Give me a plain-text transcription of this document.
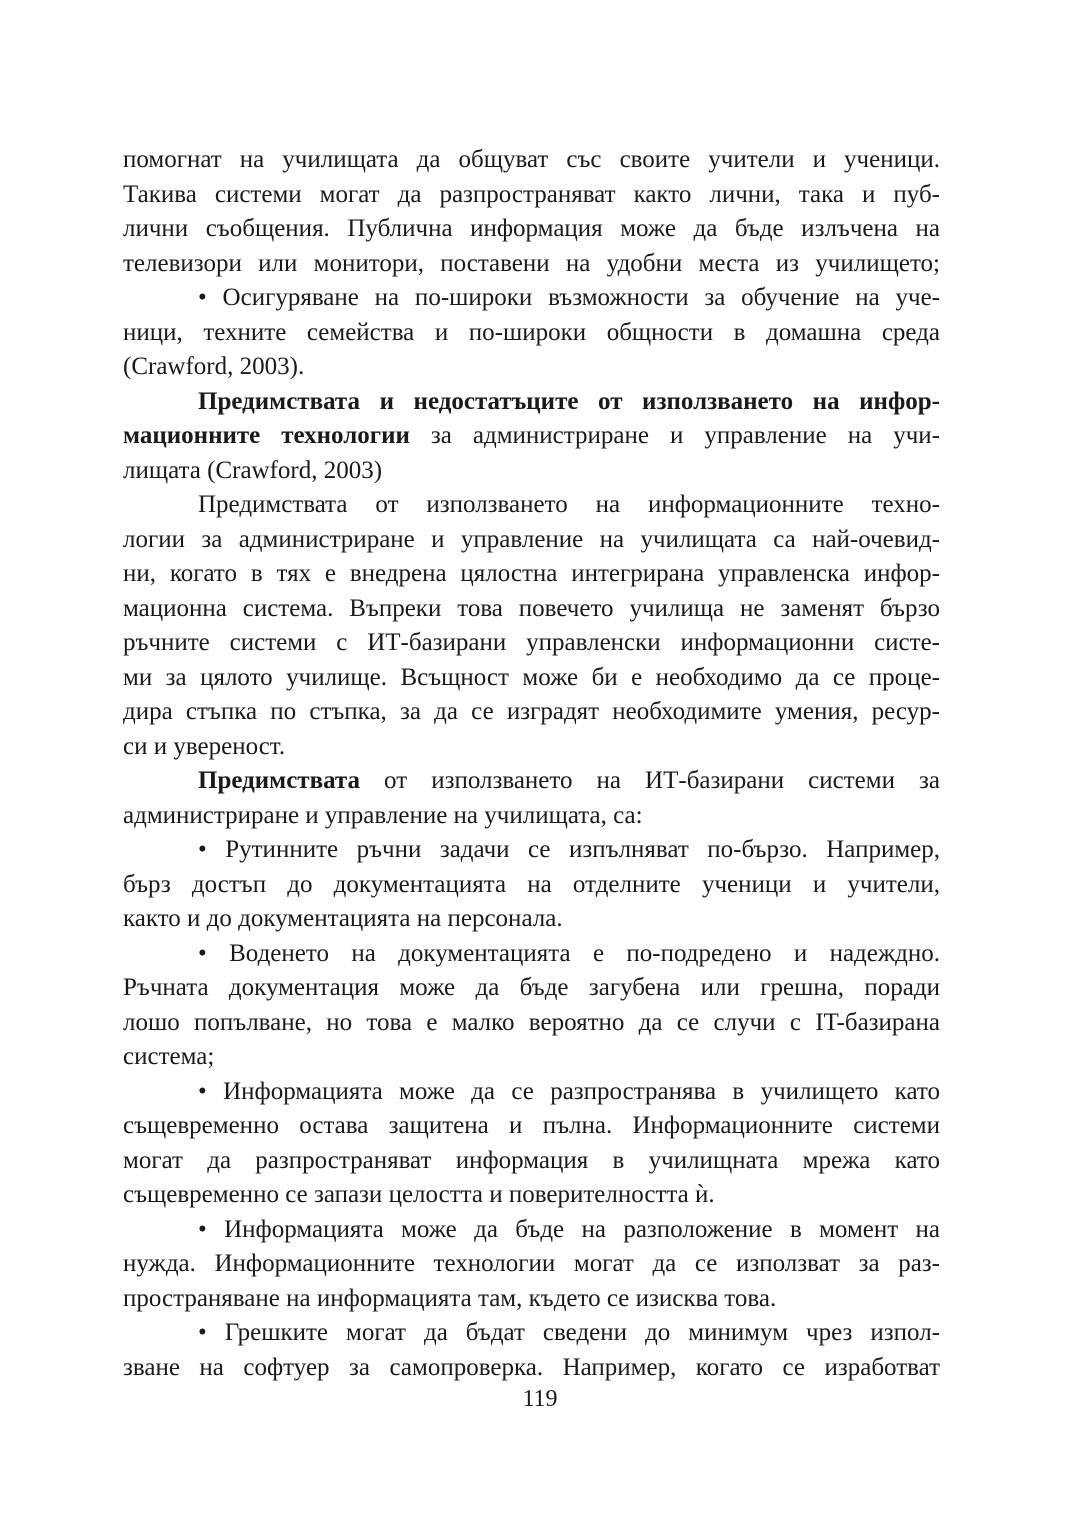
помогнат на училищата да общуват със своите учители и ученици.
Такива системи могат да разпространяват както лични, така и пуб-
лични съобщения. Публична информация може да бъде излъчена на
телевизори или монитори, поставени на удобни места из училището;
• Осигуряване на по-широки възможности за обучение на уче-
ници, техните семейства и по-широки общности в домашна среда
(Crawford, 2003).
Предимствата и недостатъците от използването на инфор-
мационните технологии за администриране и управление на учи-
лищата (Crawford, 2003)
Предимствата от използването на информационните техно-
логии за администриране и управление на училищата са най-очевид-
ни, когато в тях е внедрена цялостна интегрирана управленска инфор-
мационна система. Въпреки това повечето училища не заменят бързо
ръчните системи с ИТ-базирани управленски информационни систе-
ми за цялото училище. Всъщност може би е необходимо да се проце-
дира стъпка по стъпка, за да се изградят необходимите умения, ресур-
си и увереност.
Предимствата от използването на ИТ-базирани системи за
администриране и управление на училищата, са:
• Рутинните ръчни задачи се изпълняват по-бързо. Например,
бърз достъп до документацията на отделните ученици и учители,
както и до документацията на персонала.
• Воденето на документацията е по-подредено и надеждно.
Ръчната документация може да бъде загубена или грешна, поради
лошо попълване, но това е малко вероятно да се случи с IT-базирана
система;
• Информацията може да се разпространява в училището като
същевременно остава защитена и пълна. Информационните системи
могат да разпространяват информация в училищната мрежа като
същевременно се запази целостта и поверителността ѝ.
• Информацията може да бъде на разположение в момент на
нужда. Информационните технологии могат да се използват за раз-
пространяване на информацията там, където се изисква това.
• Грешките могат да бъдат сведени до минимум чрез изпол-
зване на софтуер за самопроверка. Например, когато се изработват
119
